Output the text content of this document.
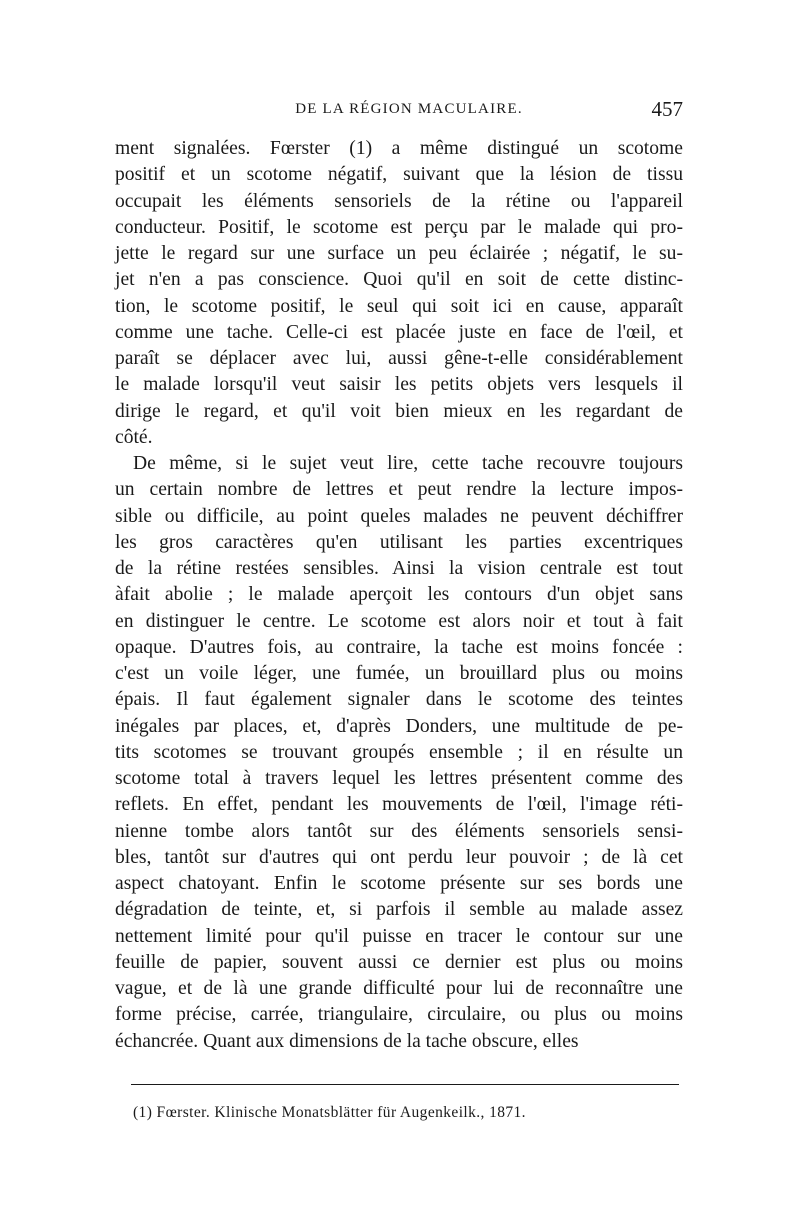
DE LA RÉGION MACULAIRE.	457
ment signalées. Fœrster (1) a même distingué un scotome
positif et un scotome négatif, suivant que la lésion de tissu
occupait les éléments sensoriels de la rétine ou l'appareil
conducteur. Positif, le scotome est perçu par le malade qui pro-
jette le regard sur une surface un peu éclairée ; négatif, le su-
jet n'en a pas conscience. Quoi qu'il en soit de cette distinc-
tion, le scotome positif, le seul qui soit ici en cause, apparaît
comme une tache. Celle-ci est placée juste en face de l'œil, et
paraît se déplacer avec lui, aussi gêne-t-elle considérablement
le malade lorsqu'il veut saisir les petits objets vers lesquels il
dirige le regard, et qu'il voit bien mieux en les regardant de
côté.
De même, si le sujet veut lire, cette tache recouvre toujours
un certain nombre de lettres et peut rendre la lecture impos-
sible ou difficile, au point queles malades ne peuvent déchiffrer
les gros caractères qu'en utilisant les parties excentriques
de la rétine restées sensibles. Ainsi la vision centrale est tout
àfait abolie ; le malade aperçoit les contours d'un objet sans
en distinguer le centre. Le scotome est alors noir et tout à fait
opaque. D'autres fois, au contraire, la tache est moins foncée :
c'est un voile léger, une fumée, un brouillard plus ou moins
épais. Il faut également signaler dans le scotome des teintes
inégales par places, et, d'après Donders, une multitude de pe-
tits scotomes se trouvant groupés ensemble ; il en résulte un
scotome total à travers lequel les lettres présentent comme des
reflets. En effet, pendant les mouvements de l'œil, l'image réti-
nienne tombe alors tantôt sur des éléments sensoriels sensi-
bles, tantôt sur d'autres qui ont perdu leur pouvoir ; de là cet
aspect chatoyant. Enfin le scotome présente sur ses bords une
dégradation de teinte, et, si parfois il semble au malade assez
nettement limité pour qu'il puisse en tracer le contour sur une
feuille de papier, souvent aussi ce dernier est plus ou moins
vague, et de là une grande difficulté pour lui de reconnaître une
forme précise, carrée, triangulaire, circulaire, ou plus ou moins
échancrée. Quant aux dimensions de la tache obscure, elles
(1) Fœrster. Klinische Monatsblätter für Augenkeilk., 1871.
